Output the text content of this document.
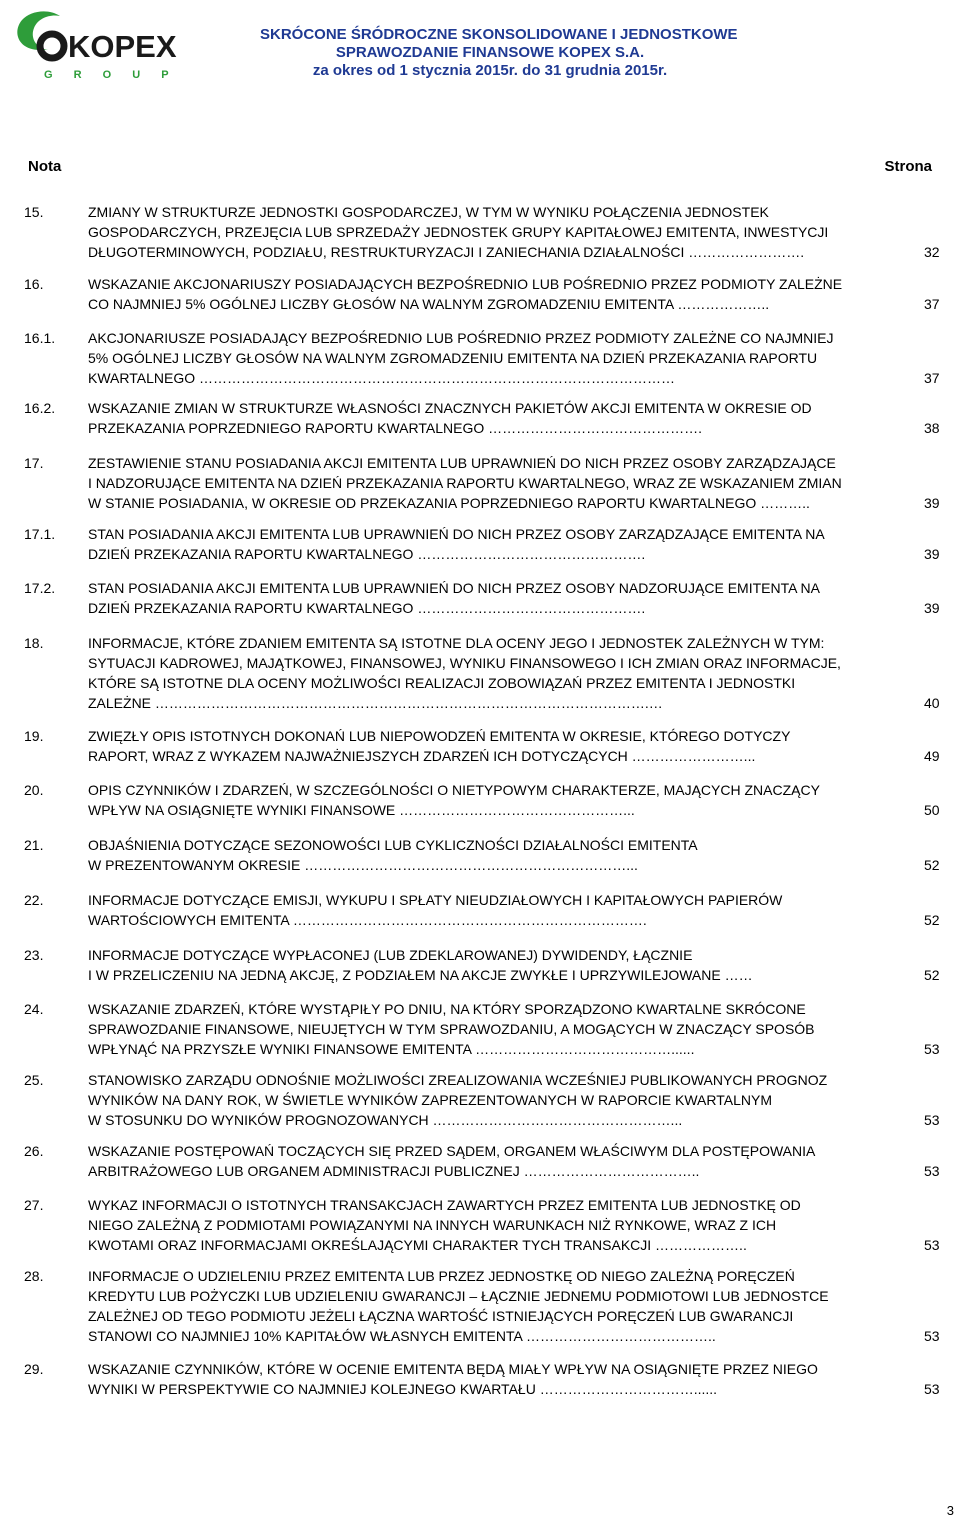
KOPEX
G R O U P
SKRÓCONE ŚRÓDROCZNE SKONSOLIDOWANE I JEDNOSTKOWE
SPRAWOZDANIE FINANSOWE KOPEX S.A.
za okres od 1 stycznia 2015r. do 31 grudnia 2015r.
Nota	Strona
15.	ZMIANY W STRUKTURZE JEDNOSTKI GOSPODARCZEJ, W TYM W WYNIKU POŁĄCZENIA JEDNOSTEK
GOSPODARCZYCH, PRZEJĘCIA LUB SPRZEDAŻY JEDNOSTEK GRUPY KAPITAŁOWEJ EMITENTA, INWESTYCJI
DŁUGOTERMINOWYCH, PODZIAŁU, RESTRUKTURYZACJI I ZANIECHANIA DZIAŁALNOŚCI …………………….	32
16.	WSKAZANIE AKCJONARIUSZY POSIADAJĄCYCH BEZPOŚREDNIO LUB POŚREDNIO PRZEZ PODMIOTY ZALEŻNE
CO NAJMNIEJ 5% OGÓLNEJ LICZBY GŁOSÓW NA WALNYM ZGROMADZENIU EMITENTA ………………..	37
16.1. AKCJONARIUSZE POSIADAJĄCY BEZPOŚREDNIO LUB POŚREDNIO PRZEZ PODMIOTY ZALEŻNE CO NAJMNIEJ
5% OGÓLNEJ LICZBY GŁOSÓW NA WALNYM ZGROMADZENIU EMITENTA NA DZIEŃ PRZEKAZANIA RAPORTU
KWARTALNEGO …………………………………………………………………………………………	37
16.2. WSKAZANIE ZMIAN W STRUKTURZE WŁASNOŚCI ZNACZNYCH PAKIETÓW AKCJI EMITENTA W OKRESIE OD
PRZEKAZANIA POPRZEDNIEGO RAPORTU KWARTALNEGO ……………………………………….	38
17.	ZESTAWIENIE STANU POSIADANIA AKCJI EMITENTA LUB UPRAWNIEŃ DO NICH PRZEZ OSOBY ZARZĄDZAJĄCE
I NADZORUJĄCE EMITENTA NA DZIEŃ PRZEKAZANIA RAPORTU KWARTALNEGO, WRAZ ZE WSKAZANIEM ZMIAN
W STANIE POSIADANIA, W OKRESIE OD PRZEKAZANIA POPRZEDNIEGO RAPORTU KWARTALNEGO ………..	39
17.1. STAN POSIADANIA AKCJI EMITENTA LUB UPRAWNIEŃ DO NICH PRZEZ OSOBY ZARZĄDZAJĄCE EMITENTA NA
DZIEŃ PRZEKAZANIA RAPORTU KWARTALNEGO ………………………………………….	39
17.2. STAN POSIADANIA AKCJI EMITENTA LUB UPRAWNIEŃ DO NICH PRZEZ OSOBY NADZORUJĄCE EMITENTA NA
DZIEŃ PRZEKAZANIA RAPORTU KWARTALNEGO ………………………………………….	39
18.	INFORMACJE, KTÓRE ZDANIEM EMITENTA SĄ ISTOTNE DLA OCENY JEGO I JEDNOSTEK ZALEŻNYCH W TYM:
SYTUACJI KADROWEJ, MAJĄTKOWEJ, FINANSOWEJ, WYNIKU FINANSOWEGO I ICH ZMIAN ORAZ INFORMACJE,
KTÓRE SĄ ISTOTNE DLA OCENY MOŻLIWOŚCI REALIZACJI ZOBOWIĄZAŃ PRZEZ EMITENTA I JEDNOSTKI
ZALEŻNE …………………………………………………………………………………………….…	40
19.	ZWIĘZŁY OPIS ISTOTNYCH DOKONAŃ LUB NIEPOWODZEŃ EMITENTA W OKRESIE, KTÓREGO DOTYCZY
RAPORT, WRAZ Z WYKAZEM NAJWAŻNIEJSZYCH ZDARZEŃ ICH DOTYCZĄCYCH ……………………...	49
20.	OPIS CZYNNIKÓW I ZDARZEŃ, W SZCZEGÓLNOŚCI O NIETYPOWYM CHARAKTERZE, MAJĄCYCH ZNACZĄCY
WPŁYW NA OSIĄGNIĘTE WYNIKI FINANSOWE …………………………………………...	50
21.	OBJAŚNIENIA DOTYCZĄCE SEZONOWOŚCI LUB CYKLICZNOŚCI DZIAŁALNOŚCI EMITENTA
W PREZENTOWANYM OKRESIE ……………………………………………………………...	52
22.	INFORMACJE DOTYCZĄCE EMISJI, WYKUPU I SPŁATY NIEUDZIAŁOWYCH I KAPITAŁOWYCH PAPIERÓW
WARTOŚCIOWYCH EMITENTA ………………………………………………………………….	52
23.	INFORMACJE DOTYCZĄCE WYPŁACONEJ (LUB ZDEKLAROWANEJ) DYWIDENDY, ŁĄCZNIE
I W PRZELICZENIU NA JEDNĄ AKCJĘ, Z PODZIAŁEM NA AKCJE ZWYKŁE I UPRZYWILEJOWANE ……	52
24.	WSKAZANIE ZDARZEŃ, KTÓRE WYSTĄPIŁY PO DNIU, NA KTÓRY SPORZĄDZONO KWARTALNE SKRÓCONE
SPRAWOZDANIE FINANSOWE, NIEUJĘTYCH W TYM SPRAWOZDANIU, A MOGĄCYCH W ZNACZĄCY SPOSÓB
WPŁYNĄĆ NA PRZYSZŁE WYNIKI FINANSOWE EMITENTA ……………………………………......	53
25.	STANOWISKO ZARZĄDU ODNOŚNIE MOŻLIWOŚCI ZREALIZOWANIA WCZEŚNIEJ PUBLIKOWANYCH PROGNOZ
WYNIKÓW NA DANY ROK, W ŚWIETLE WYNIKÓW ZAPREZENTOWANYCH W RAPORCIE KWARTALNYM
W STOSUNKU DO WYNIKÓW PROGNOZOWANYCH ……………………………………………...	53
26.	WSKAZANIE POSTĘPOWAŃ TOCZĄCYCH SIĘ PRZED SĄDEM, ORGANEM WŁAŚCIWYM DLA POSTĘPOWANIA
ARBITRAŻOWEGO LUB ORGANEM ADMINISTRACJI PUBLICZNEJ ………………………………..	53
27.	WYKAZ INFORMACJI O ISTOTNYCH TRANSAKCJACH ZAWARTYCH PRZEZ EMITENTA LUB JEDNOSTKĘ OD
NIEGO ZALEŻNĄ Z PODMIOTAMI POWIĄZANYMI NA INNYCH WARUNKACH NIŻ RYNKOWE, WRAZ Z ICH
KWOTAMI ORAZ INFORMACJAMI OKREŚLAJĄCYMI CHARAKTER TYCH TRANSAKCJI ………………..	53
28.	INFORMACJE O UDZIELENIU PRZEZ EMITENTA LUB PRZEZ JEDNOSTKĘ OD NIEGO ZALEŻNĄ PORĘCZEŃ
KREDYTU LUB POŻYCZKI LUB UDZIELENIU GWARANCJI – ŁĄCZNIE JEDNEMU PODMIOTOWI LUB JEDNOSTCE
ZALEŻNEJ OD TEGO PODMIOTU JEŻELI ŁĄCZNA WARTOŚĆ ISTNIEJĄCYCH PORĘCZEŃ LUB GWARANCJI
STANOWI CO NAJMNIEJ 10% KAPITAŁÓW WŁASNYCH EMITENTA …………………………………..	53
29.	WSKAZANIE CZYNNIKÓW, KTÓRE W OCENIE EMITENTA BĘDĄ MIAŁY WPŁYW NA OSIĄGNIĘTE PRZEZ NIEGO
WYNIKI W PERSPEKTYWIE CO NAJMNIEJ KOLEJNEGO KWARTAŁU ……………………………......	53
3
